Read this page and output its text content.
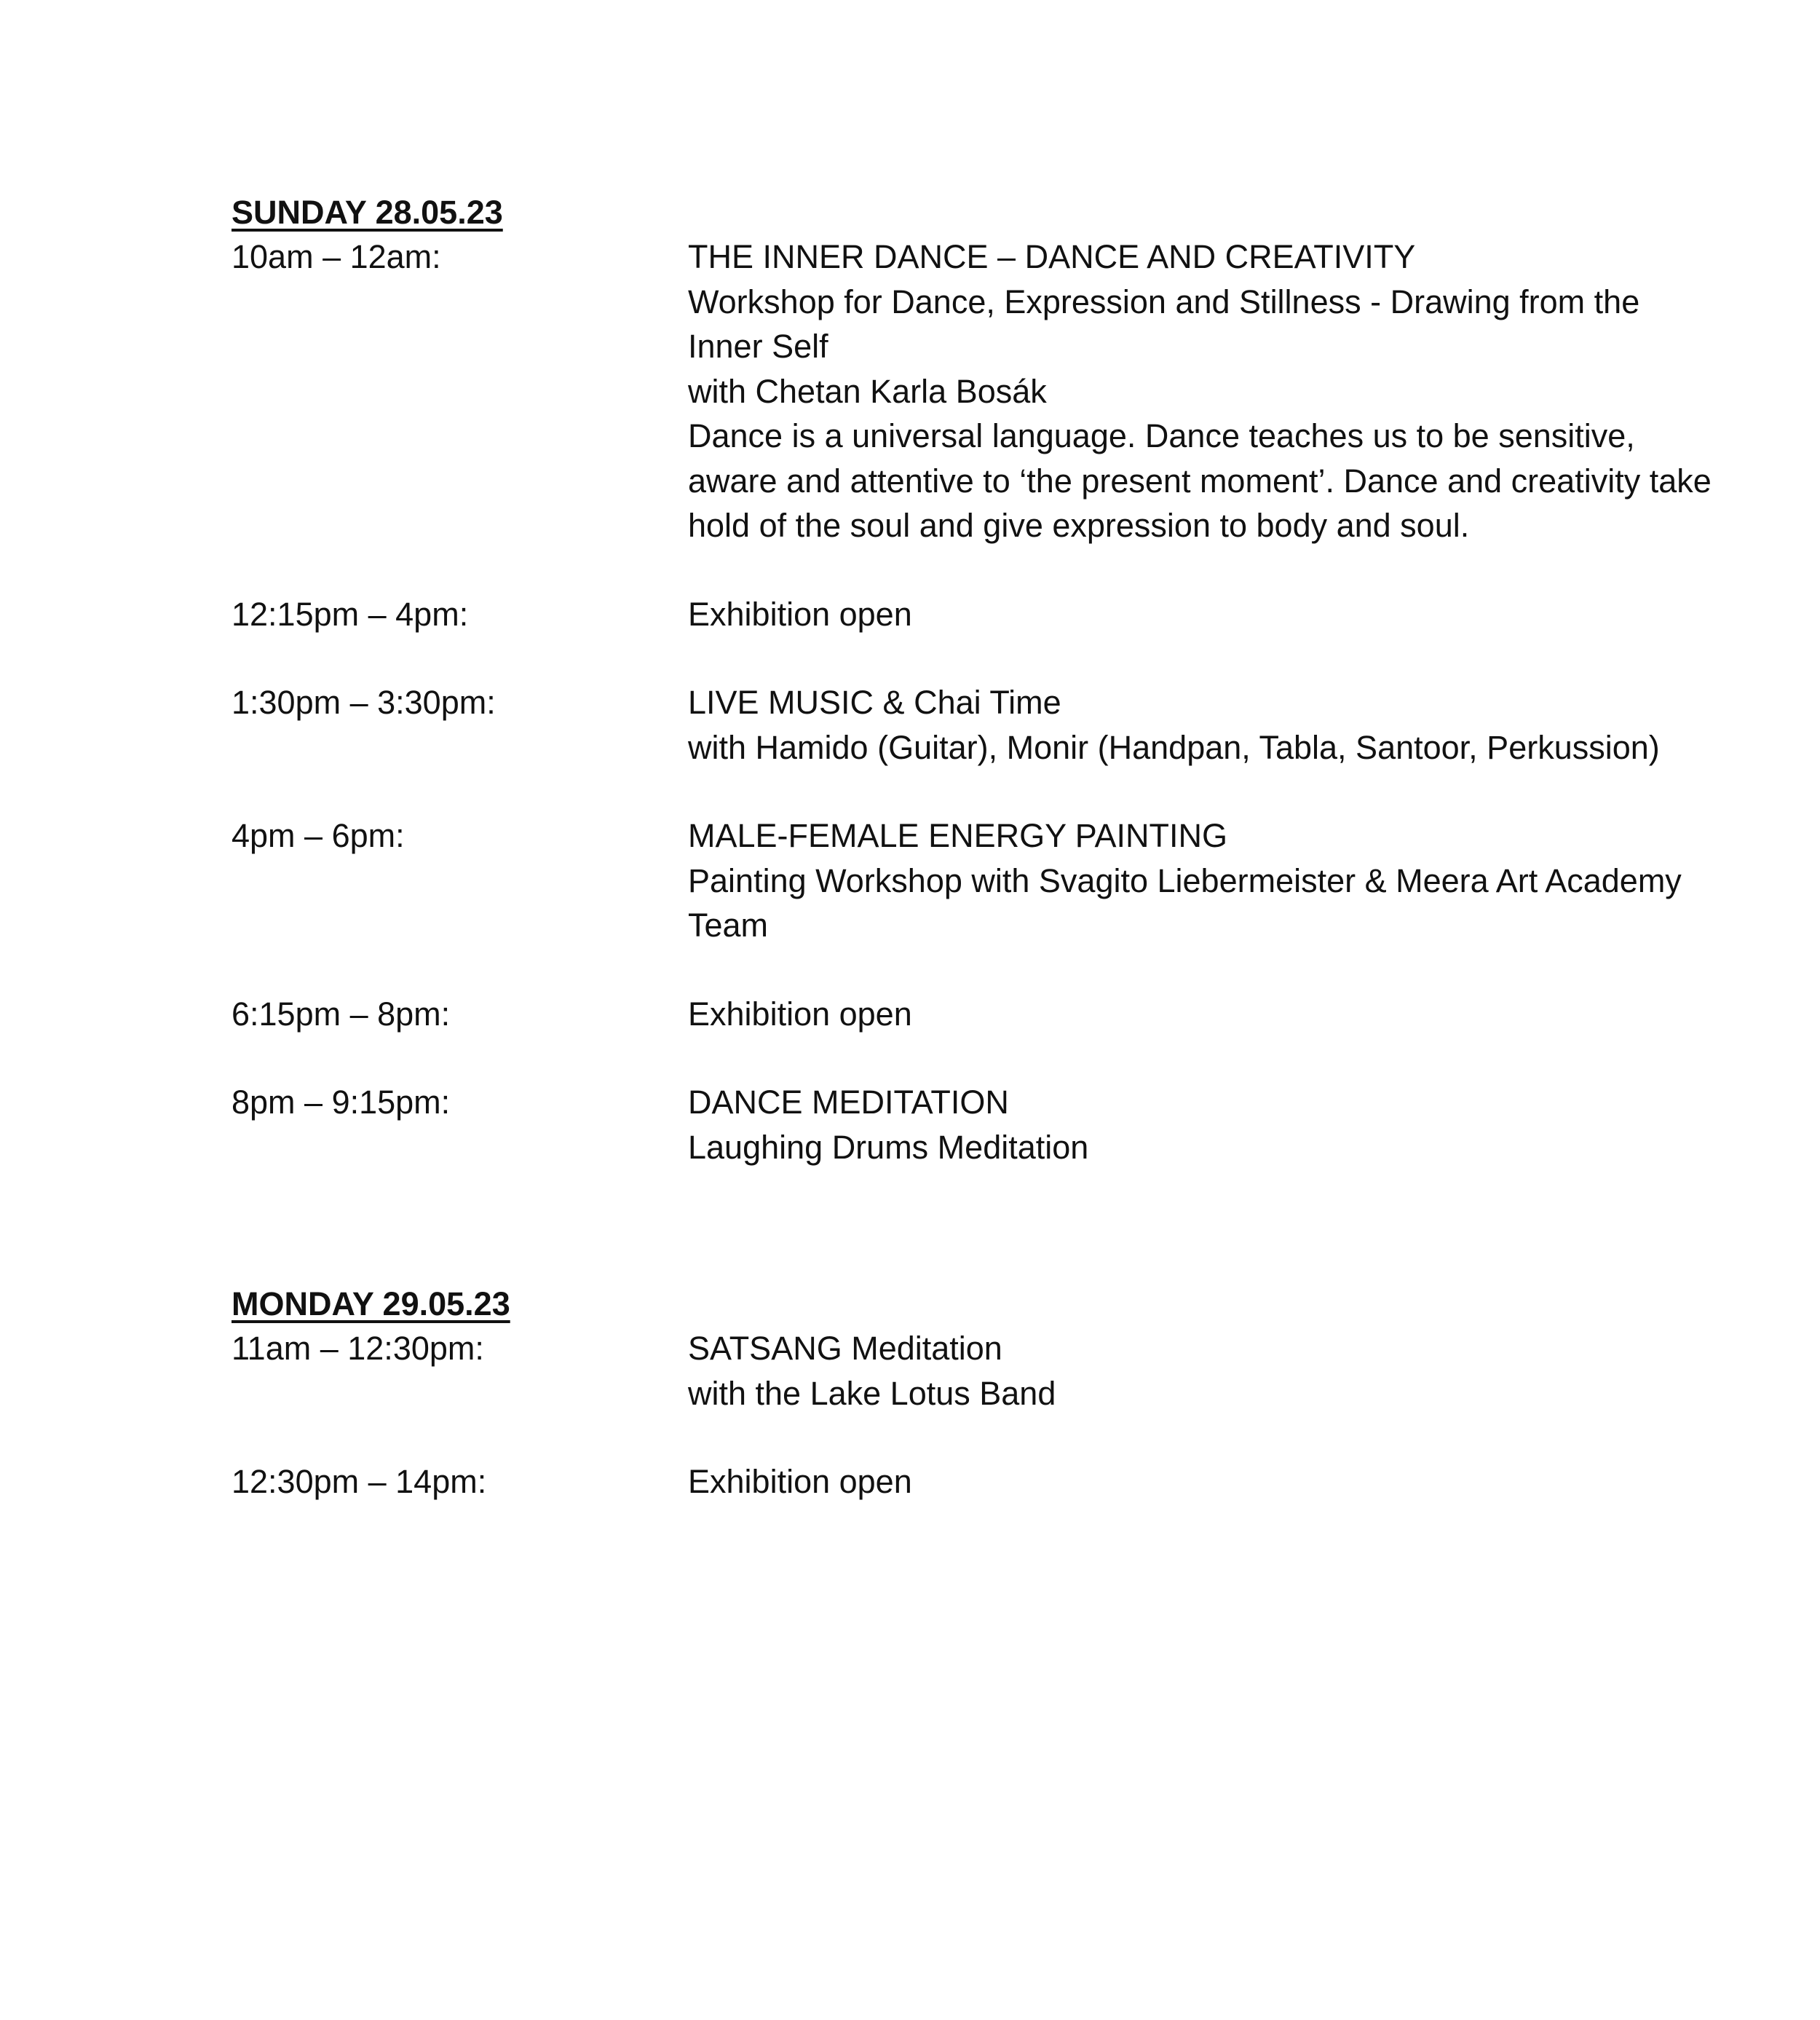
SUNDAY 28.05.23
10am – 12am:	THE INNER DANCE – DANCE AND CREATIVITY
Workshop for Dance, Expression and Stillness - Drawing from the Inner Self
with Chetan Karla Bosák
Dance is a universal language. Dance teaches us to be sensitive, aware and attentive to ‘the present moment’. Dance and creativity take hold of the soul and give expression to body and soul.
12:15pm – 4pm:	Exhibition open
1:30pm – 3:30pm:	LIVE MUSIC & Chai Time
with Hamido (Guitar), Monir (Handpan, Tabla, Santoor, Perkussion)
4pm – 6pm:	MALE-FEMALE ENERGY PAINTING
Painting Workshop with Svagito Liebermeister & Meera Art Academy Team
6:15pm – 8pm:	Exhibition open
8pm – 9:15pm:	DANCE MEDITATION
Laughing Drums Meditation
MONDAY 29.05.23
11am – 12:30pm:	SATSANG Meditation
with the Lake Lotus Band
12:30pm – 14pm:	Exhibition open
